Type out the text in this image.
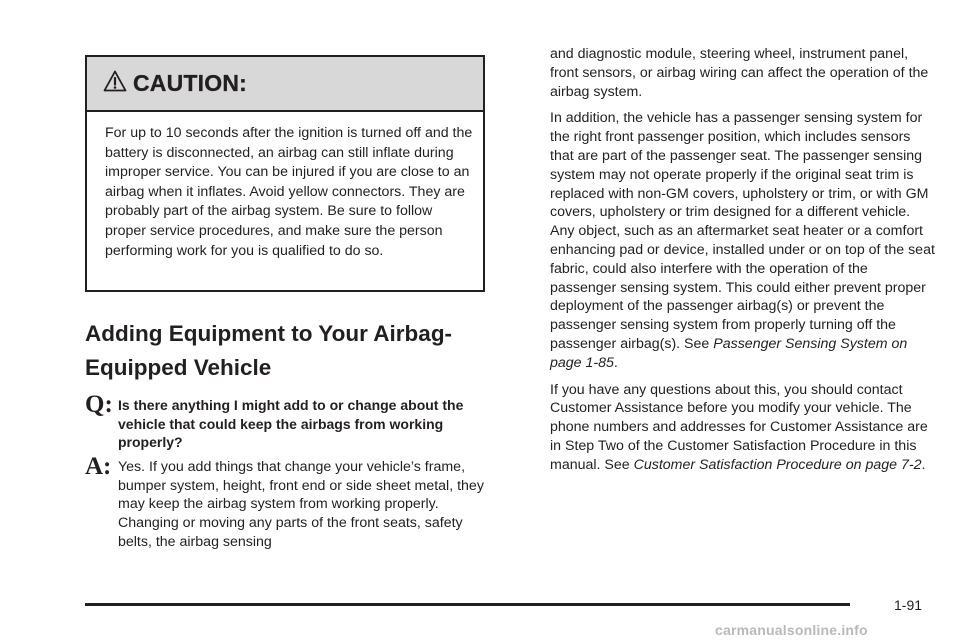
CAUTION:
For up to 10 seconds after the ignition is turned off and the battery is disconnected, an airbag can still inflate during improper service. You can be injured if you are close to an airbag when it inflates. Avoid yellow connectors. They are probably part of the airbag system. Be sure to follow proper service procedures, and make sure the person performing work for you is qualified to do so.
Adding Equipment to Your Airbag-Equipped Vehicle
Q: Is there anything I might add to or change about the vehicle that could keep the airbags from working properly?
A: Yes. If you add things that change your vehicle’s frame, bumper system, height, front end or side sheet metal, they may keep the airbag system from working properly. Changing or moving any parts of the front seats, safety belts, the airbag sensing

and diagnostic module, steering wheel, instrument panel, front sensors, or airbag wiring can affect the operation of the airbag system.

In addition, the vehicle has a passenger sensing system for the right front passenger position, which includes sensors that are part of the passenger seat. The passenger sensing system may not operate properly if the original seat trim is replaced with non-GM covers, upholstery or trim, or with GM covers, upholstery or trim designed for a different vehicle. Any object, such as an aftermarket seat heater or a comfort enhancing pad or device, installed under or on top of the seat fabric, could also interfere with the operation of the passenger sensing system. This could either prevent proper deployment of the passenger airbag(s) or prevent the passenger sensing system from properly turning off the passenger airbag(s). See Passenger Sensing System on page 1-85.

If you have any questions about this, you should contact Customer Assistance before you modify your vehicle. The phone numbers and addresses for Customer Assistance are in Step Two of the Customer Satisfaction Procedure in this manual. See Customer Satisfaction Procedure on page 7-2.

1-91
carmanualsonline.info
